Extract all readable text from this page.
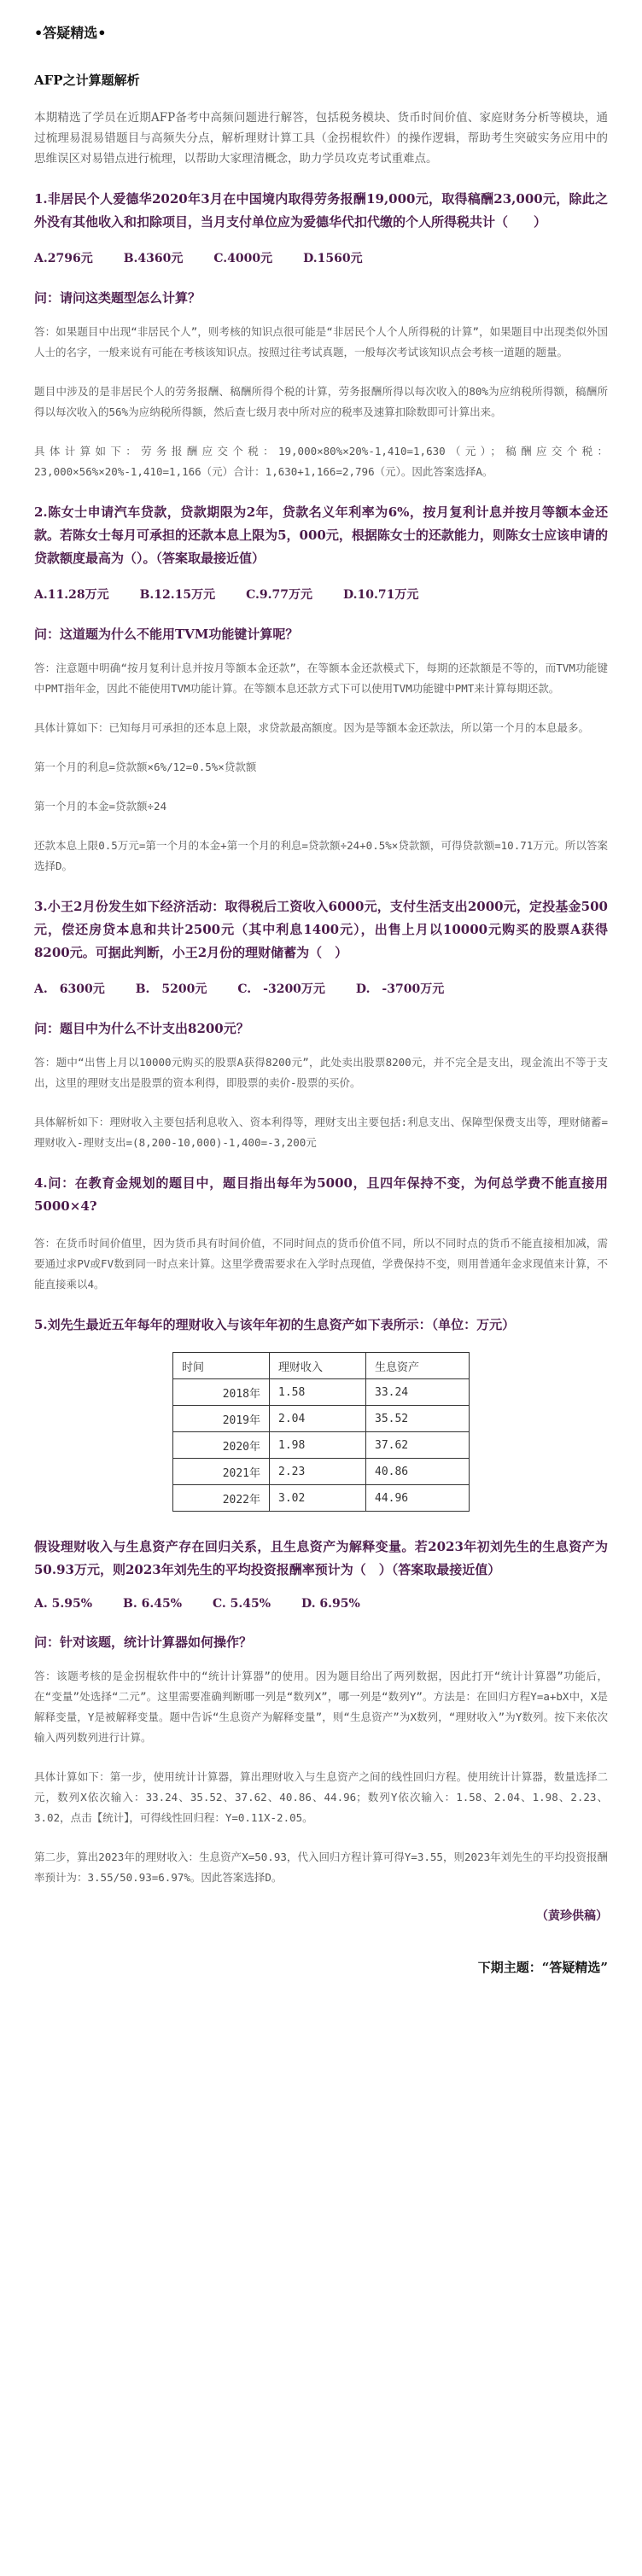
•答疑精选•

AFP之计算题解析

本期精选了学员在近期AFP备考中高频问题进行解答，包括税务模块、货币时间价值、家庭财务分析等模块，通过梳理易混易错题目与高频失分点，解析理财计算工具（金拐棍软件）的操作逻辑，帮助考生突破实务应用中的思维误区对易错点进行梳理，以帮助大家理清概念，助力学员攻克考试重难点。

1.非居民个人爱德华2020年3月在中国境内取得劳务报酬19,000元，取得稿酬23,000元，除此之外没有其他收入和扣除项目，当月支付单位应为爱德华代扣代缴的个人所得税共计（　　）

A.2796元	B.4360元	C.4000元	D.1560元

问：请问这类题型怎么计算？

答：如果题目中出现“非居民个人”，则考核的知识点很可能是“非居民个人个人所得税的计算”，如果题目中出现类似外国人士的名字，一般来说有可能在考核该知识点。按照过往考试真题，一般每次考试该知识点会考核一道题的题量。

题目中涉及的是非居民个人的劳务报酬、稿酬所得个税的计算，劳务报酬所得以每次收入的80%为应纳税所得额，稿酬所得以每次收入的56%为应纳税所得额，然后查七级月表中所对应的税率及速算扣除数即可计算出来。

具体计算如下：劳务报酬应交个税：19,000×80%×20%-1,410=1,630（元）；稿酬应交个税：23,000×56%×20%-1,410=1,166（元）合计：1,630+1,166=2,796（元）。因此答案选择A。

2.陈女士申请汽车贷款，贷款期限为2年，贷款名义年利率为6%，按月复利计息并按月等额本金还款。若陈女士每月可承担的还款本息上限为5，000元，根据陈女士的还款能力，则陈女士应该申请的贷款额度最高为（）。（答案取最接近值）

A.11.28万元	B.12.15万元	C.9.77万元	D.10.71万元

问：这道题为什么不能用TVM功能键计算呢？

答：注意题中明确“按月复利计息并按月等额本金还款”，在等额本金还款模式下，每期的还款额是不等的，而TVM功能键中PMT指年金，因此不能使用TVM功能计算。在等额本息还款方式下可以使用TVM功能键中PMT来计算每期还款。

具体计算如下：已知每月可承担的还本息上限，求贷款最高额度。因为是等额本金还款法，所以第一个月的本息最多。

第一个月的利息=贷款额×6%/12=0.5%×贷款额

第一个月的本金=贷款额÷24

还款本息上限0.5万元=第一个月的本金+第一个月的利息=贷款额÷24+0.5%×贷款额，可得贷款额=10.71万元。所以答案选择D。

3.小王2月份发生如下经济活动：取得税后工资收入6000元，支付生活支出2000元，定投基金500元，偿还房贷本息和共计2500元（其中利息1400元），出售上月以10000元购买的股票A获得8200元。可据此判断，小王2月份的理财储蓄为（　）

A.　6300元	B.　5200元	C.　-3200万元	D.　-3700万元

问：题目中为什么不计支出8200元？

答：题中“出售上月以10000元购买的股票A获得8200元”，此处卖出股票8200元，并不完全是支出，现金流出不等于支出，这里的理财支出是股票的资本利得，即股票的卖价-股票的买价。

具体解析如下：理财收入主要包括利息收入、资本利得等，理财支出主要包括:利息支出、保障型保费支出等，理财储蓄=理财收入-理财支出=(8,200-10,000)-1,400=-3,200元

4.问：在教育金规划的题目中，题目指出每年为5000，且四年保持不变，为何总学费不能直接用5000×4?

答：在货币时间价值里，因为货币具有时间价值，不同时间点的货币价值不同，所以不同时点的货币不能直接相加减，需要通过求PV或FV数到同一时点来计算。这里学费需要求在入学时点现值，学费保持不变，则用普通年金求现值来计算，不能直接乘以4。

5.刘先生最近五年每年的理财收入与该年年初的生息资产如下表所示：（单位：万元）

时间	理财收入	生息资产
2018年	1.58	33.24
2019年	2.04	35.52
2020年	1.98	37.62
2021年	2.23	40.86
2022年	3.02	44.96

假设理财收入与生息资产存在回归关系，且生息资产为解释变量。若2023年初刘先生的生息资产为50.93万元，则2023年刘先生的平均投资报酬率预计为（　）（答案取最接近值）

A. 5.95%	B. 6.45%	C. 5.45%	D. 6.95%

问：针对该题，统计计算器如何操作？

答：该题考核的是金拐棍软件中的“统计计算器”的使用。因为题目给出了两列数据，因此打开“统计计算器”功能后，在“变量”处选择“二元”。这里需要准确判断哪一列是“数列X”，哪一列是“数列Y”。方法是：在回归方程Y=a+bX中，X是解释变量，Y是被解释变量。题中告诉“生息资产为解释变量”，则“生息资产”为X数列，“理财收入”为Y数列。按下来依次输入两列数列进行计算。

具体计算如下：第一步，使用统计计算器，算出理财收入与生息资产之间的线性回归方程。使用统计计算器，数量选择二元，数列X依次输入：33.24、35.52、37.62、40.86、44.96；数列Y依次输入：1.58、2.04、1.98、2.23、3.02，点击【统计】，可得线性回归程：Y=0.11X-2.05。

第二步，算出2023年的理财收入：生息资产X=50.93，代入回归方程计算可得Y=3.55，则2023年刘先生的平均投资报酬率预计为：3.55/50.93=6.97%。因此答案选择D。

（黄珍供稿）

下期主题：“答疑精选”
